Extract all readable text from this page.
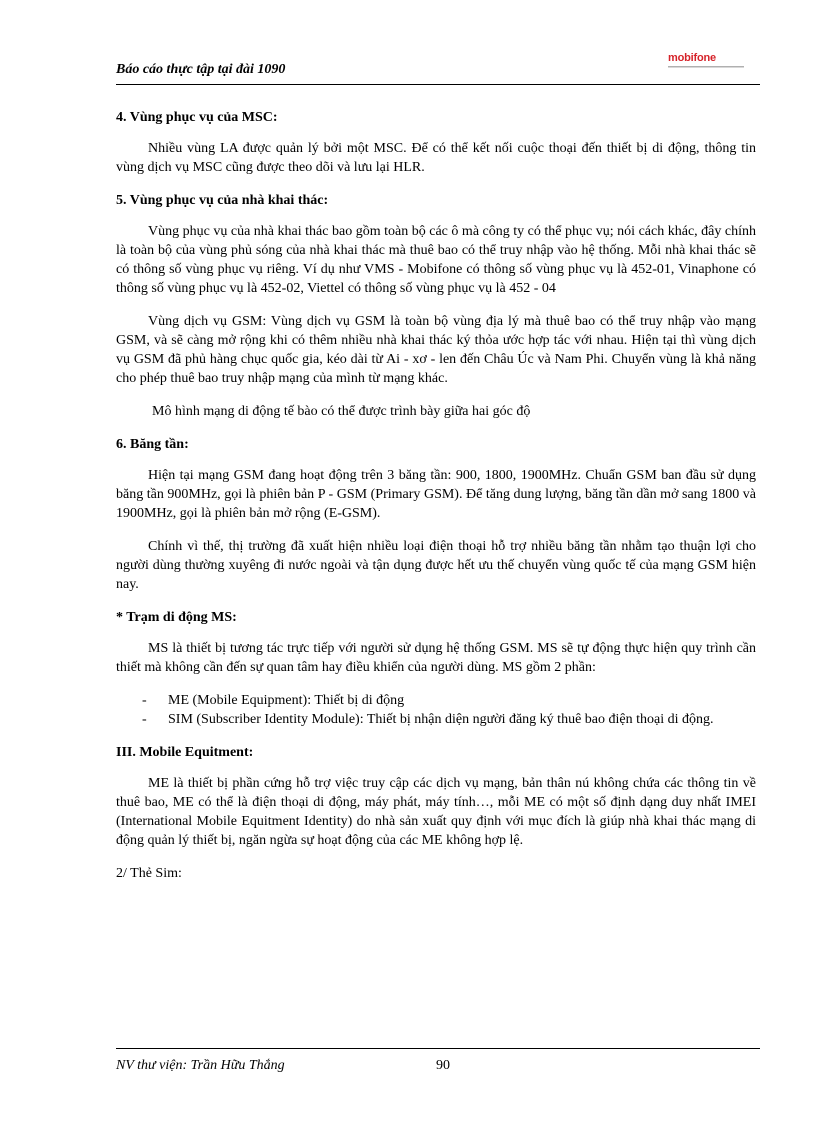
Báo cáo thực tập tại đài 1090
mobifone
4. Vùng phục vụ của MSC:

Nhiều vùng LA được quản lý bởi một MSC. Để có thể kết nối cuộc thoại đến thiết bị di động, thông tin vùng dịch vụ MSC cũng được theo dõi và lưu lại HLR.

5. Vùng phục vụ của nhà khai thác:

Vùng phục vụ của nhà khai thác bao gồm toàn bộ các ô mà công ty có thể phục vụ; nói cách khác, đây chính là toàn bộ của vùng phủ sóng của nhà khai thác mà thuê bao có thể truy nhập vào hệ thống. Mỗi nhà khai thác sẽ có thông số vùng phục vụ riêng. Ví dụ như VMS - Mobifone có thông số vùng phục vụ là 452-01, Vinaphone có thông số vùng phục vụ là 452-02, Viettel có thông số vùng phục vụ là 452 - 04

Vùng dịch vụ GSM: Vùng dịch vụ GSM là toàn bộ vùng địa lý mà thuê bao có thể truy nhập vào mạng GSM, và sẽ càng mở rộng khi có thêm nhiều nhà khai thác ký thỏa ước hợp tác với nhau. Hiện tại thì vùng dịch vụ GSM đã phủ hàng chục quốc gia, kéo dài từ Ai - xơ - len đến Châu Úc và Nam Phi. Chuyển vùng là khả năng cho phép thuê bao truy nhập mạng của mình từ mạng khác.

Mô hình mạng di động tế bào có thể được trình bày giữa hai góc độ

6. Băng tần:

Hiện tại mạng GSM đang hoạt động trên 3 băng tần: 900, 1800, 1900MHz. Chuẩn GSM ban đầu sử dụng băng tần 900MHz, gọi là phiên bản P - GSM (Primary GSM). Để tăng dung lượng, băng tần dần mở sang 1800 và 1900MHz, gọi là phiên bản mở rộng (E-GSM).

Chính vì thế, thị trường đã xuất hiện nhiều loại điện thoại hỗ trợ nhiều băng tần nhằm tạo thuận lợi cho người dùng thường xuyêng đi nước ngoài và tận dụng được hết ưu thế chuyển vùng quốc tế của mạng GSM hiện nay.

* Trạm di động MS:

MS là thiết bị tương tác trực tiếp với người sử dụng hệ thống GSM. MS sẽ tự động thực hiện quy trình cần thiết mà không cần đến sự quan tâm hay điều khiển của người dùng. MS gồm 2 phần:

- ME (Mobile Equipment): Thiết bị di động
- SIM (Subscriber Identity Module): Thiết bị nhận diện người đăng ký thuê bao điện thoại di động.
III. Mobile Equitment:

ME là thiết bị phần cứng hỗ trợ việc truy cập các dịch vụ mạng, bản thân nú không chứa các thông tin về thuê bao, ME có thể là điện thoại di động, máy phát, máy tính…, mỗi ME có một số định dạng duy nhất IMEI (International Mobile Equitment Identity) do nhà sản xuất quy định với mục đích là giúp nhà khai thác mạng di động quản lý thiết bị, ngăn ngừa sự hoạt động của các ME không hợp lệ.

2/ Thẻ Sim:
NV thư viện: Trần Hữu Thắng	90
